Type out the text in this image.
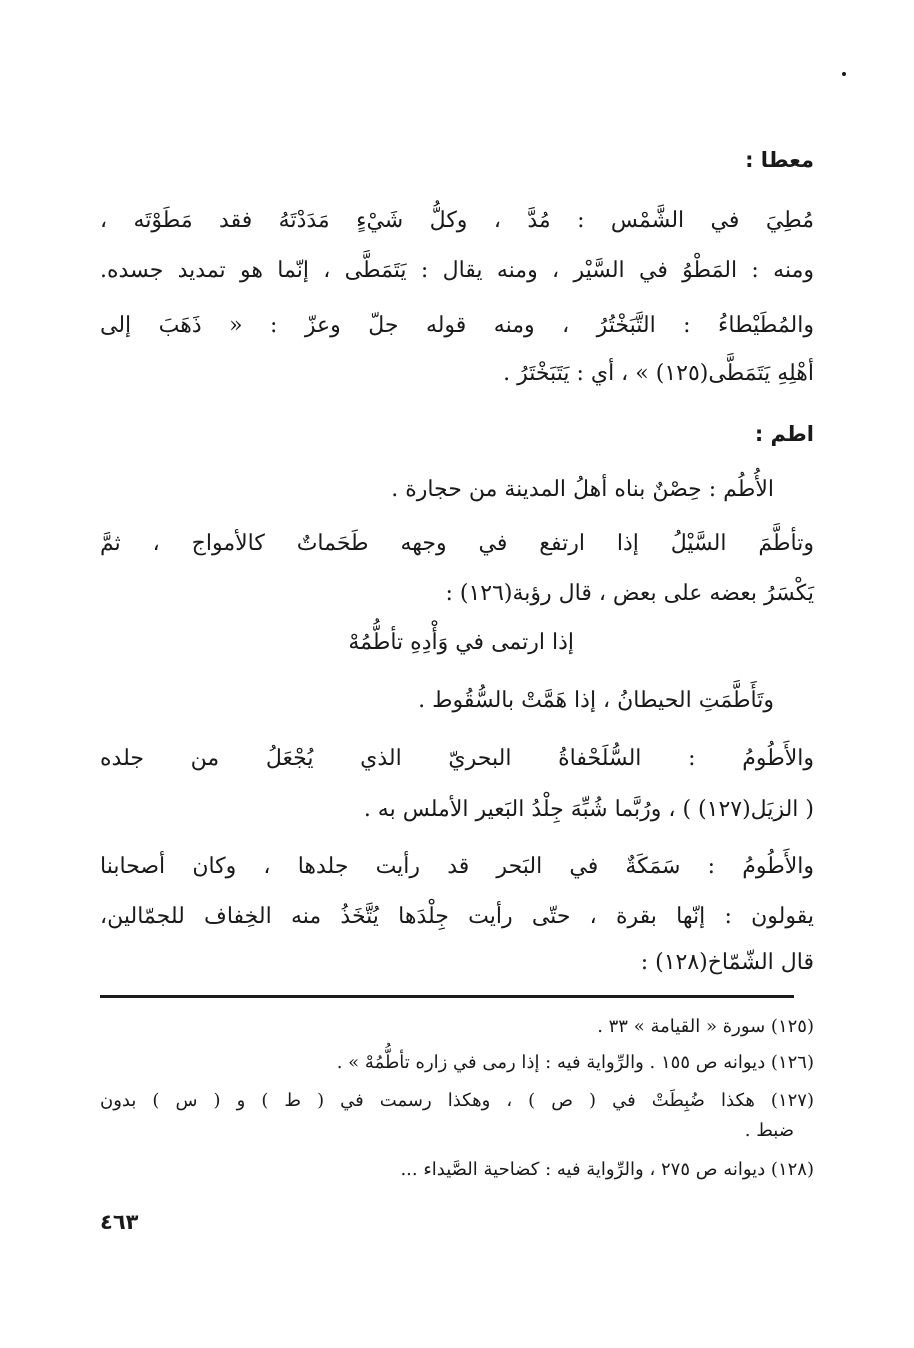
معطا :
مُطِيَ في الشَّمْس : مُدَّ ، وكلُّ شَيْءٍ مَدَدْتَهُ فقد مَطَوْتَه ،
ومنه : المَطْوُ في السَّيْر ، ومنه يقال : يَتَمَطَّى ، إنّما هو تمديد جسده.
والمُطَيْطاءُ : التَّبَخْتُرُ ، ومنه قوله جلّ وعزّ : « ذَهَبَ إلى
أهْلِهِ يَتَمَطَّى(١٢٥) » ، أي : يَتَبَخْتَرُ .
اطم :
الأُطُم : حِصْنٌ بناه أهلُ المدينة من حجارة .
وتأطَّمَ السَّيْلُ إذا ارتفع في وجهه طَحَماتٌ كالأمواج ، ثمَّ
يَكْسَرُ بعضه على بعض ، قال رؤبة(١٢٦) :
إذا ارتمى في وَأْدِهِ تأطُّمُهْ
وتَأَطَّمَتِ الحيطانُ ، إذا هَمَّتْ بالسُّقُوط .
والأَطُومُ : السُّلَحْفاةُ البحريّ الذي يُجْعَلُ من جلده
( الزيَل(١٢٧) ) ، ورُبَّما شُبِّهَ جِلْدُ البَعير الأملس به .
والأَطُومُ : سَمَكَةٌ في البَحر قد رأيت جلدها ، وكان أصحابنا
يقولون : إنّها بقرة ، حتّى رأيت جِلْدَها يُتَّخَذُ منه الخِفاف للجمّالين،
قال الشّمّاخ(١٢٨) :
(١٢٥) سورة « القيامة » ٣٣ .
(١٢٦) ديوانه ص ١٥٥ . والرِّواية فيه : إذا رمى في زاره تأطُّمُهْ » .
(١٢٧) هكذا ضُبِطَتْ في ( ص ) ، وهكذا رسمت في ( ط ) و ( س ) بدون
ضبط .
(١٢٨) ديوانه ص ٢٧٥ ، والرِّواية فيه : كضاحية الصَّيداء ...
٤٦٣
